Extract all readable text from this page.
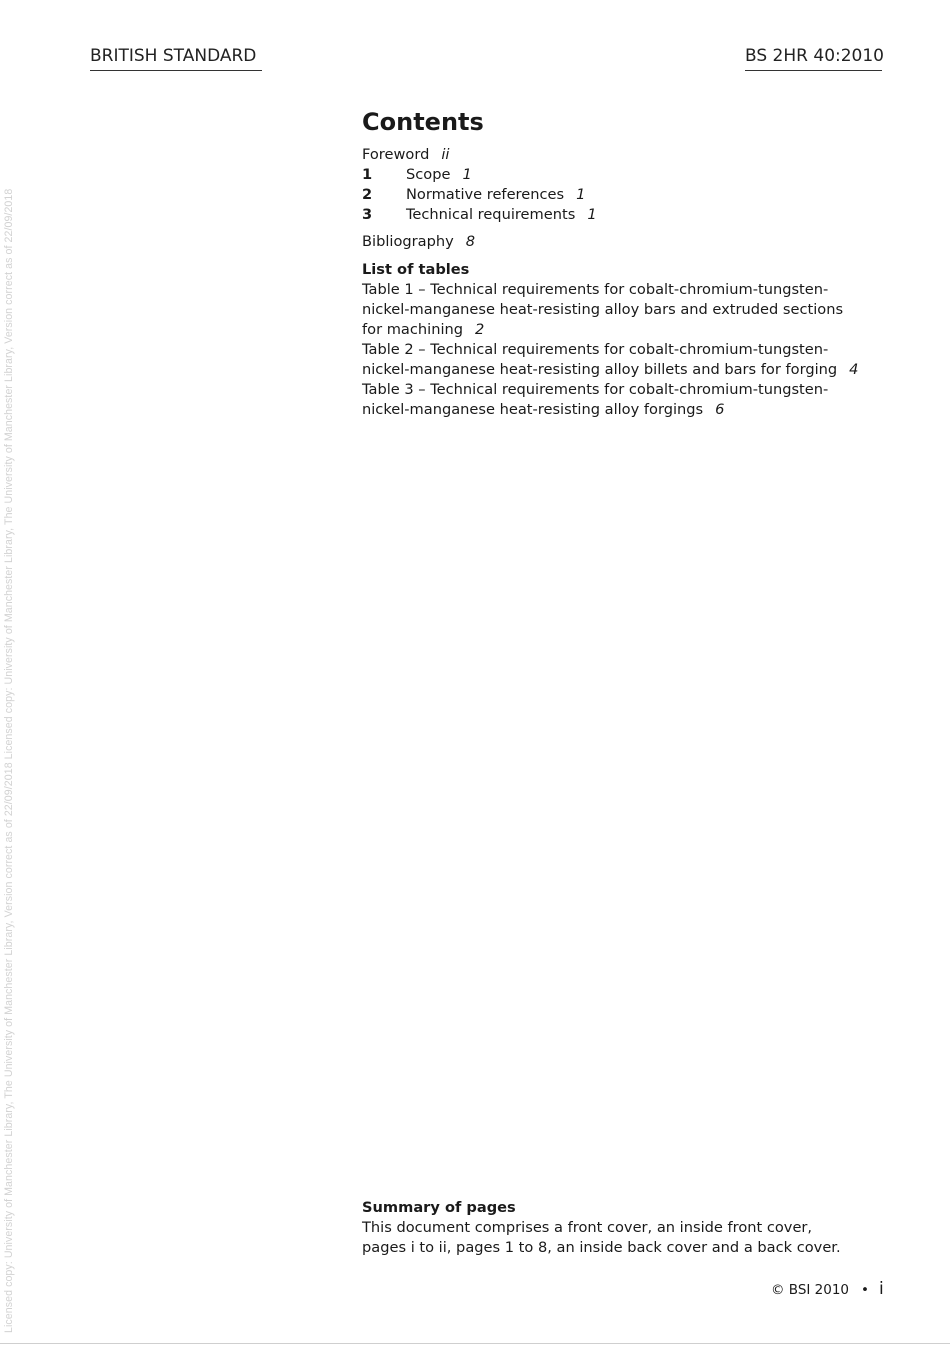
Licensed copy: University of Manchester Library, The University of Manchester Library, Version correct as of 22/09/2018 Licensed copy: University of Manchester Library, The University of Manchester Library, Version correct as of 22/09/2018
BRITISH STANDARD	BS 2HR 40:2010
Contents
Foreword ii
1 Scope 1
2 Normative references 1
3 Technical requirements 1
Bibliography 8
List of tables
Table 1 – Technical requirements for cobalt-chromium-tungsten-
nickel-manganese heat-resisting alloy bars and extruded sections
for machining 2
Table 2 – Technical requirements for cobalt-chromium-tungsten-
nickel-manganese heat-resisting alloy billets and bars for forging 4
Table 3 – Technical requirements for cobalt-chromium-tungsten-
nickel-manganese heat-resisting alloy forgings 6
Summary of pages
This document comprises a front cover, an inside front cover,
pages i to ii, pages 1 to 8, an inside back cover and a back cover.
© BSI 2010 • i
